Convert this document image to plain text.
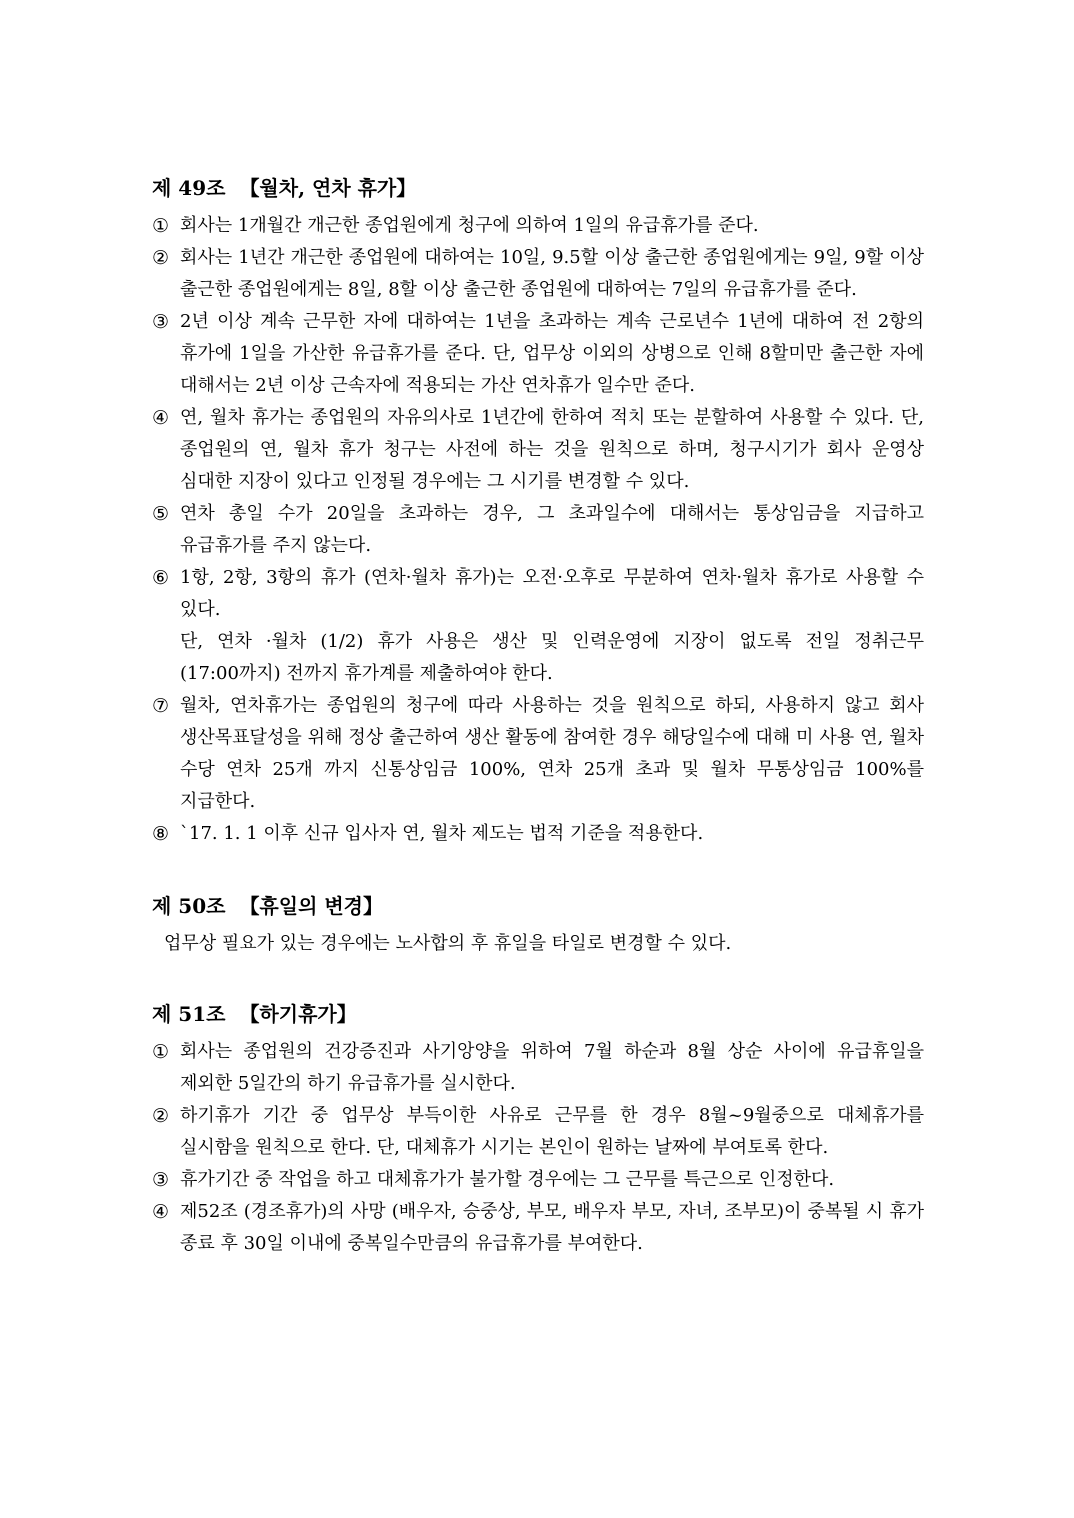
제 49조 【월차, 연차 휴가】
① 회사는 1개월간 개근한 종업원에게 청구에 의하여 1일의 유급휴가를 준다.
② 회사는 1년간 개근한 종업원에 대하여는 10일, 9.5할 이상 출근한 종업원에게는 9일, 9할 이상 출근한 종업원에게는 8일, 8할 이상 출근한 종업원에 대하여는 7일의 유급휴가를 준다.
③ 2년 이상 계속 근무한 자에 대하여는 1년을 초과하는 계속 근로년수 1년에 대하여 전 2항의 휴가에 1일을 가산한 유급휴가를 준다. 단, 업무상 이외의 상병으로 인해 8할미만 출근한 자에 대해서는 2년 이상 근속자에 적용되는 가산 연차휴가 일수만 준다.
④ 연, 월차 휴가는 종업원의 자유의사로 1년간에 한하여 적치 또는 분할하여 사용할 수 있다. 단, 종업원의 연, 월차 휴가 청구는 사전에 하는 것을 원칙으로 하며, 청구시기가 회사 운영상 심대한 지장이 있다고 인정될 경우에는 그 시기를 변경할 수 있다.
⑤ 연차 총일 수가 20일을 초과하는 경우, 그 초과일수에 대해서는 통상임금을 지급하고 유급휴가를 주지 않는다.
⑥ 1항, 2항, 3항의 휴가 (연차·월차 휴가)는 오전·오후로 무분하여 연차·월차 휴가로 사용할 수 있다.
단, 연차 ·월차 (1/2) 휴가 사용은 생산 및 인력운영에 지장이 없도록 전일 정취근무(17:00까지) 전까지 휴가계를 제출하여야 한다.
⑦ 월차, 연차휴가는 종업원의 청구에 따라 사용하는 것을 원칙으로 하되, 사용하지 않고 회사 생산목표달성을 위해 정상 출근하여 생산 활동에 참여한 경우 해당일수에 대해 미 사용 연, 월차 수당 연차 25개 까지 신통상임금 100%, 연차 25개 초과 및 월차 무통상임금 100%를 지급한다.
⑧ `17. 1. 1 이후 신규 입사자 연, 월차 제도는 법적 기준을 적용한다.
제 50조 【휴일의 변경】
업무상 필요가 있는 경우에는 노사합의 후 휴일을 타일로 변경할 수 있다.
제 51조 【하기휴가】
① 회사는 종업원의 건강증진과 사기앙양을 위하여 7월 하순과 8월 상순 사이에 유급휴일을 제외한 5일간의 하기 유급휴가를 실시한다.
② 하기휴가 기간 중 업무상 부득이한 사유로 근무를 한 경우 8월~9월중으로 대체휴가를 실시함을 원칙으로 한다. 단, 대체휴가 시기는 본인이 원하는 날짜에 부여토록 한다.
③ 휴가기간 중 작업을 하고 대체휴가가 불가할 경우에는 그 근무를 특근으로 인정한다.
④ 제52조 (경조휴가)의 사망 (배우자, 승중상, 부모, 배우자 부모, 자녀, 조부모)이 중복될 시 휴가 종료 후 30일 이내에 중복일수만큼의 유급휴가를 부여한다.
